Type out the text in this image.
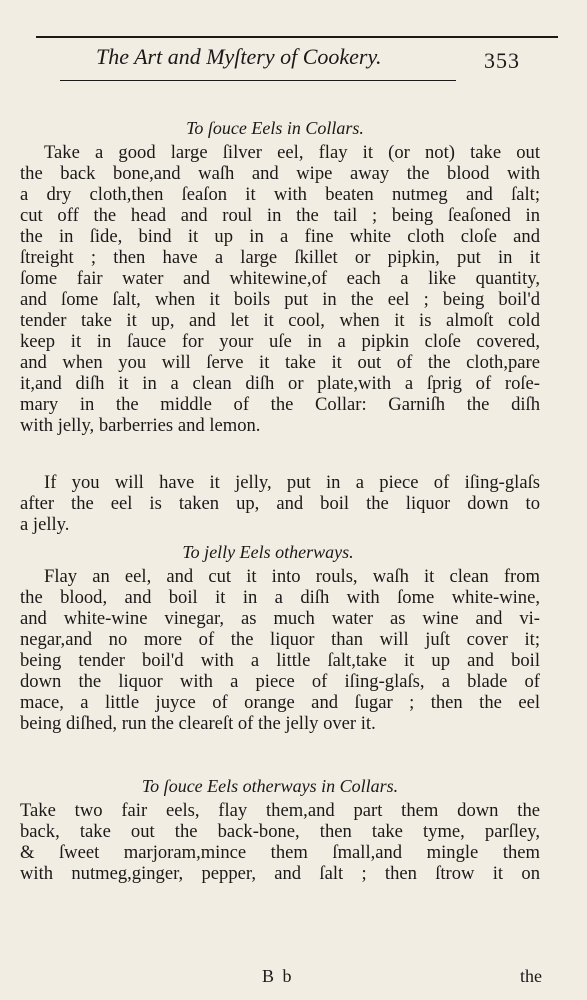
The Art and Myſtery of Cookery.	353
To ſouce Eels in Collars.
Take a good large ſilver eel, flay it (or not) take out
the back bone,and waſh and wipe away the blood with
a dry cloth,then ſeaſon it with beaten nutmeg and ſalt;
cut off the head and roul in the tail ; being ſeaſoned in
the in ſide, bind it up in a fine white cloth cloſe and
ſtreight ; then have a large ſkillet or pipkin, put in it
ſome fair water and whitewine,of each a like quantity,
and ſome ſalt, when it boils put in the eel ; being boil'd
tender take it up, and let it cool, when it is almoſt cold
keep it in ſauce for your uſe in a pipkin cloſe covered,
and when you will ſerve it take it out of the cloth,pare
it,and diſh it in a clean diſh or plate,with a ſprig of roſe-
mary in the middle of the Collar: Garniſh the diſh
with jelly, barberries and lemon.
If you will have it jelly, put in a piece of iſing-glaſs
after the eel is taken up, and boil the liquor down to
a jelly.
To jelly Eels otherways.
Flay an eel, and cut it into rouls, waſh it clean from
the blood, and boil it in a diſh with ſome white-wine,
and white-wine vinegar, as much water as wine and vi-
negar,and no more of the liquor than will juſt cover it;
being tender boil'd with a little ſalt,take it up and boil
down the liquor with a piece of iſing-glaſs, a blade of
mace, a little juyce of orange and ſugar ; then the eel
being diſhed, run the cleareſt of the jelly over it.
To ſouce Eels otherways in Collars.
Take two fair eels, flay them,and part them down the
back, take out the back-bone, then take tyme, parſley,
& ſweet marjoram,mince them ſmall,and mingle them
with nutmeg,ginger, pepper, and ſalt ; then ſtrow it on
B b	the
